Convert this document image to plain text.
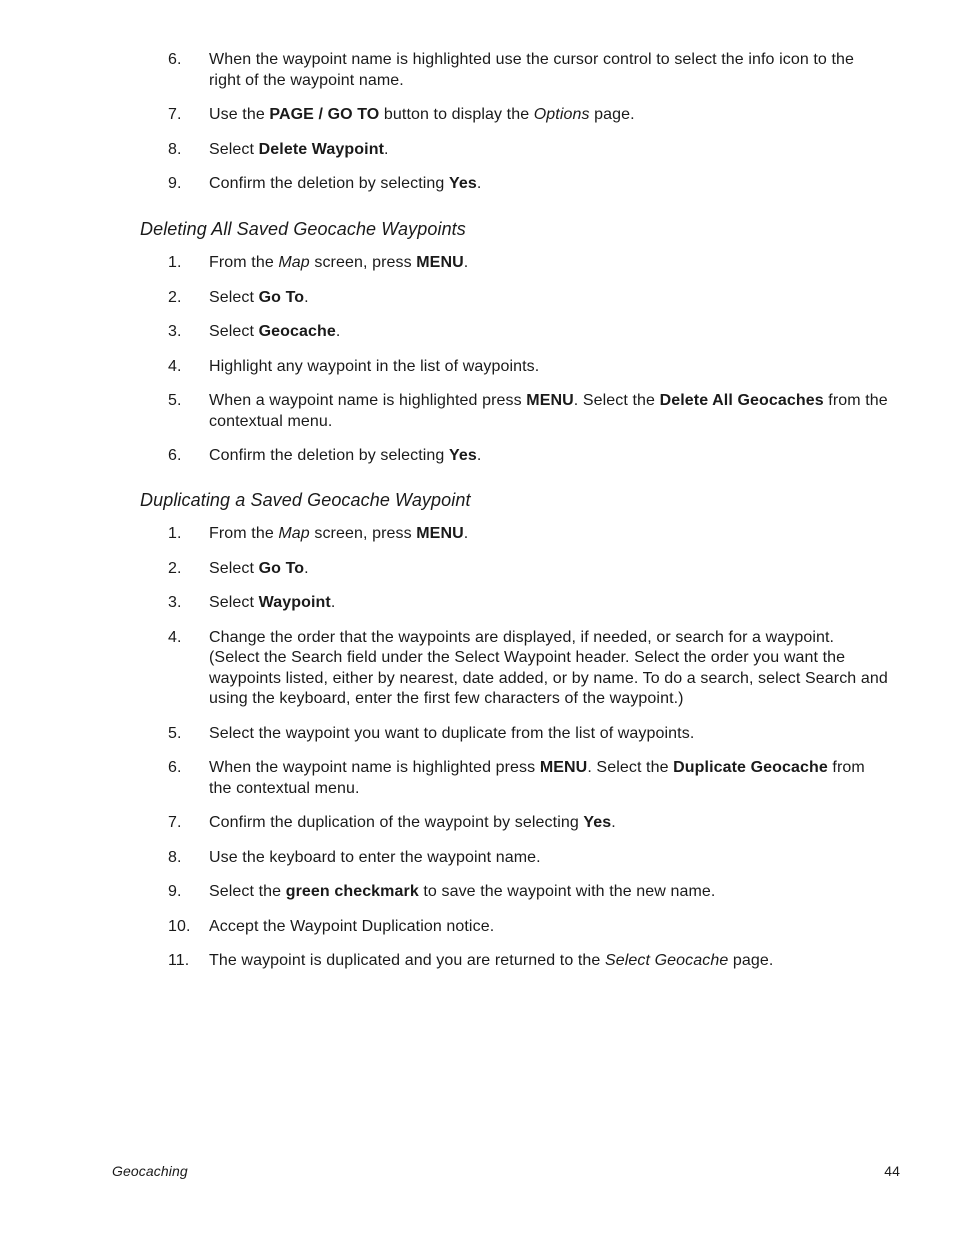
6.	When the waypoint name is highlighted use the cursor control to select the info icon to the right of the waypoint name.
7.	Use the PAGE / GO TO button to display the Options page.
8.	Select Delete Waypoint.
9.	Confirm the deletion by selecting Yes.
Deleting All Saved Geocache Waypoints
1.	From the Map screen, press MENU.
2.	Select Go To.
3.	Select Geocache.
4.	Highlight any waypoint in the list of waypoints.
5.	When a waypoint name is highlighted press MENU. Select the Delete All Geocaches from the contextual menu.
6.	Confirm the deletion by selecting Yes.
Duplicating a Saved Geocache Waypoint
1.	From the Map screen, press MENU.
2.	Select Go To.
3.	Select Waypoint.
4.	Change the order that the waypoints are displayed, if needed, or search for a waypoint. (Select the Search field under the Select Waypoint header. Select the order you want the waypoints listed, either by nearest, date added, or by name. To do a search, select Search and using the keyboard, enter the first few characters of the waypoint.)
5.	Select the waypoint you want to duplicate from the list of waypoints.
6.	When the waypoint name is highlighted press MENU. Select the Duplicate Geocache from the contextual menu.
7.	Confirm the duplication of the waypoint by selecting Yes.
8.	Use the keyboard to enter the waypoint name.
9.	Select the green checkmark to save the waypoint with the new name.
10.	Accept the Waypoint Duplication notice.
11.	The waypoint is duplicated and you are returned to the Select Geocache page.
Geocaching	44
